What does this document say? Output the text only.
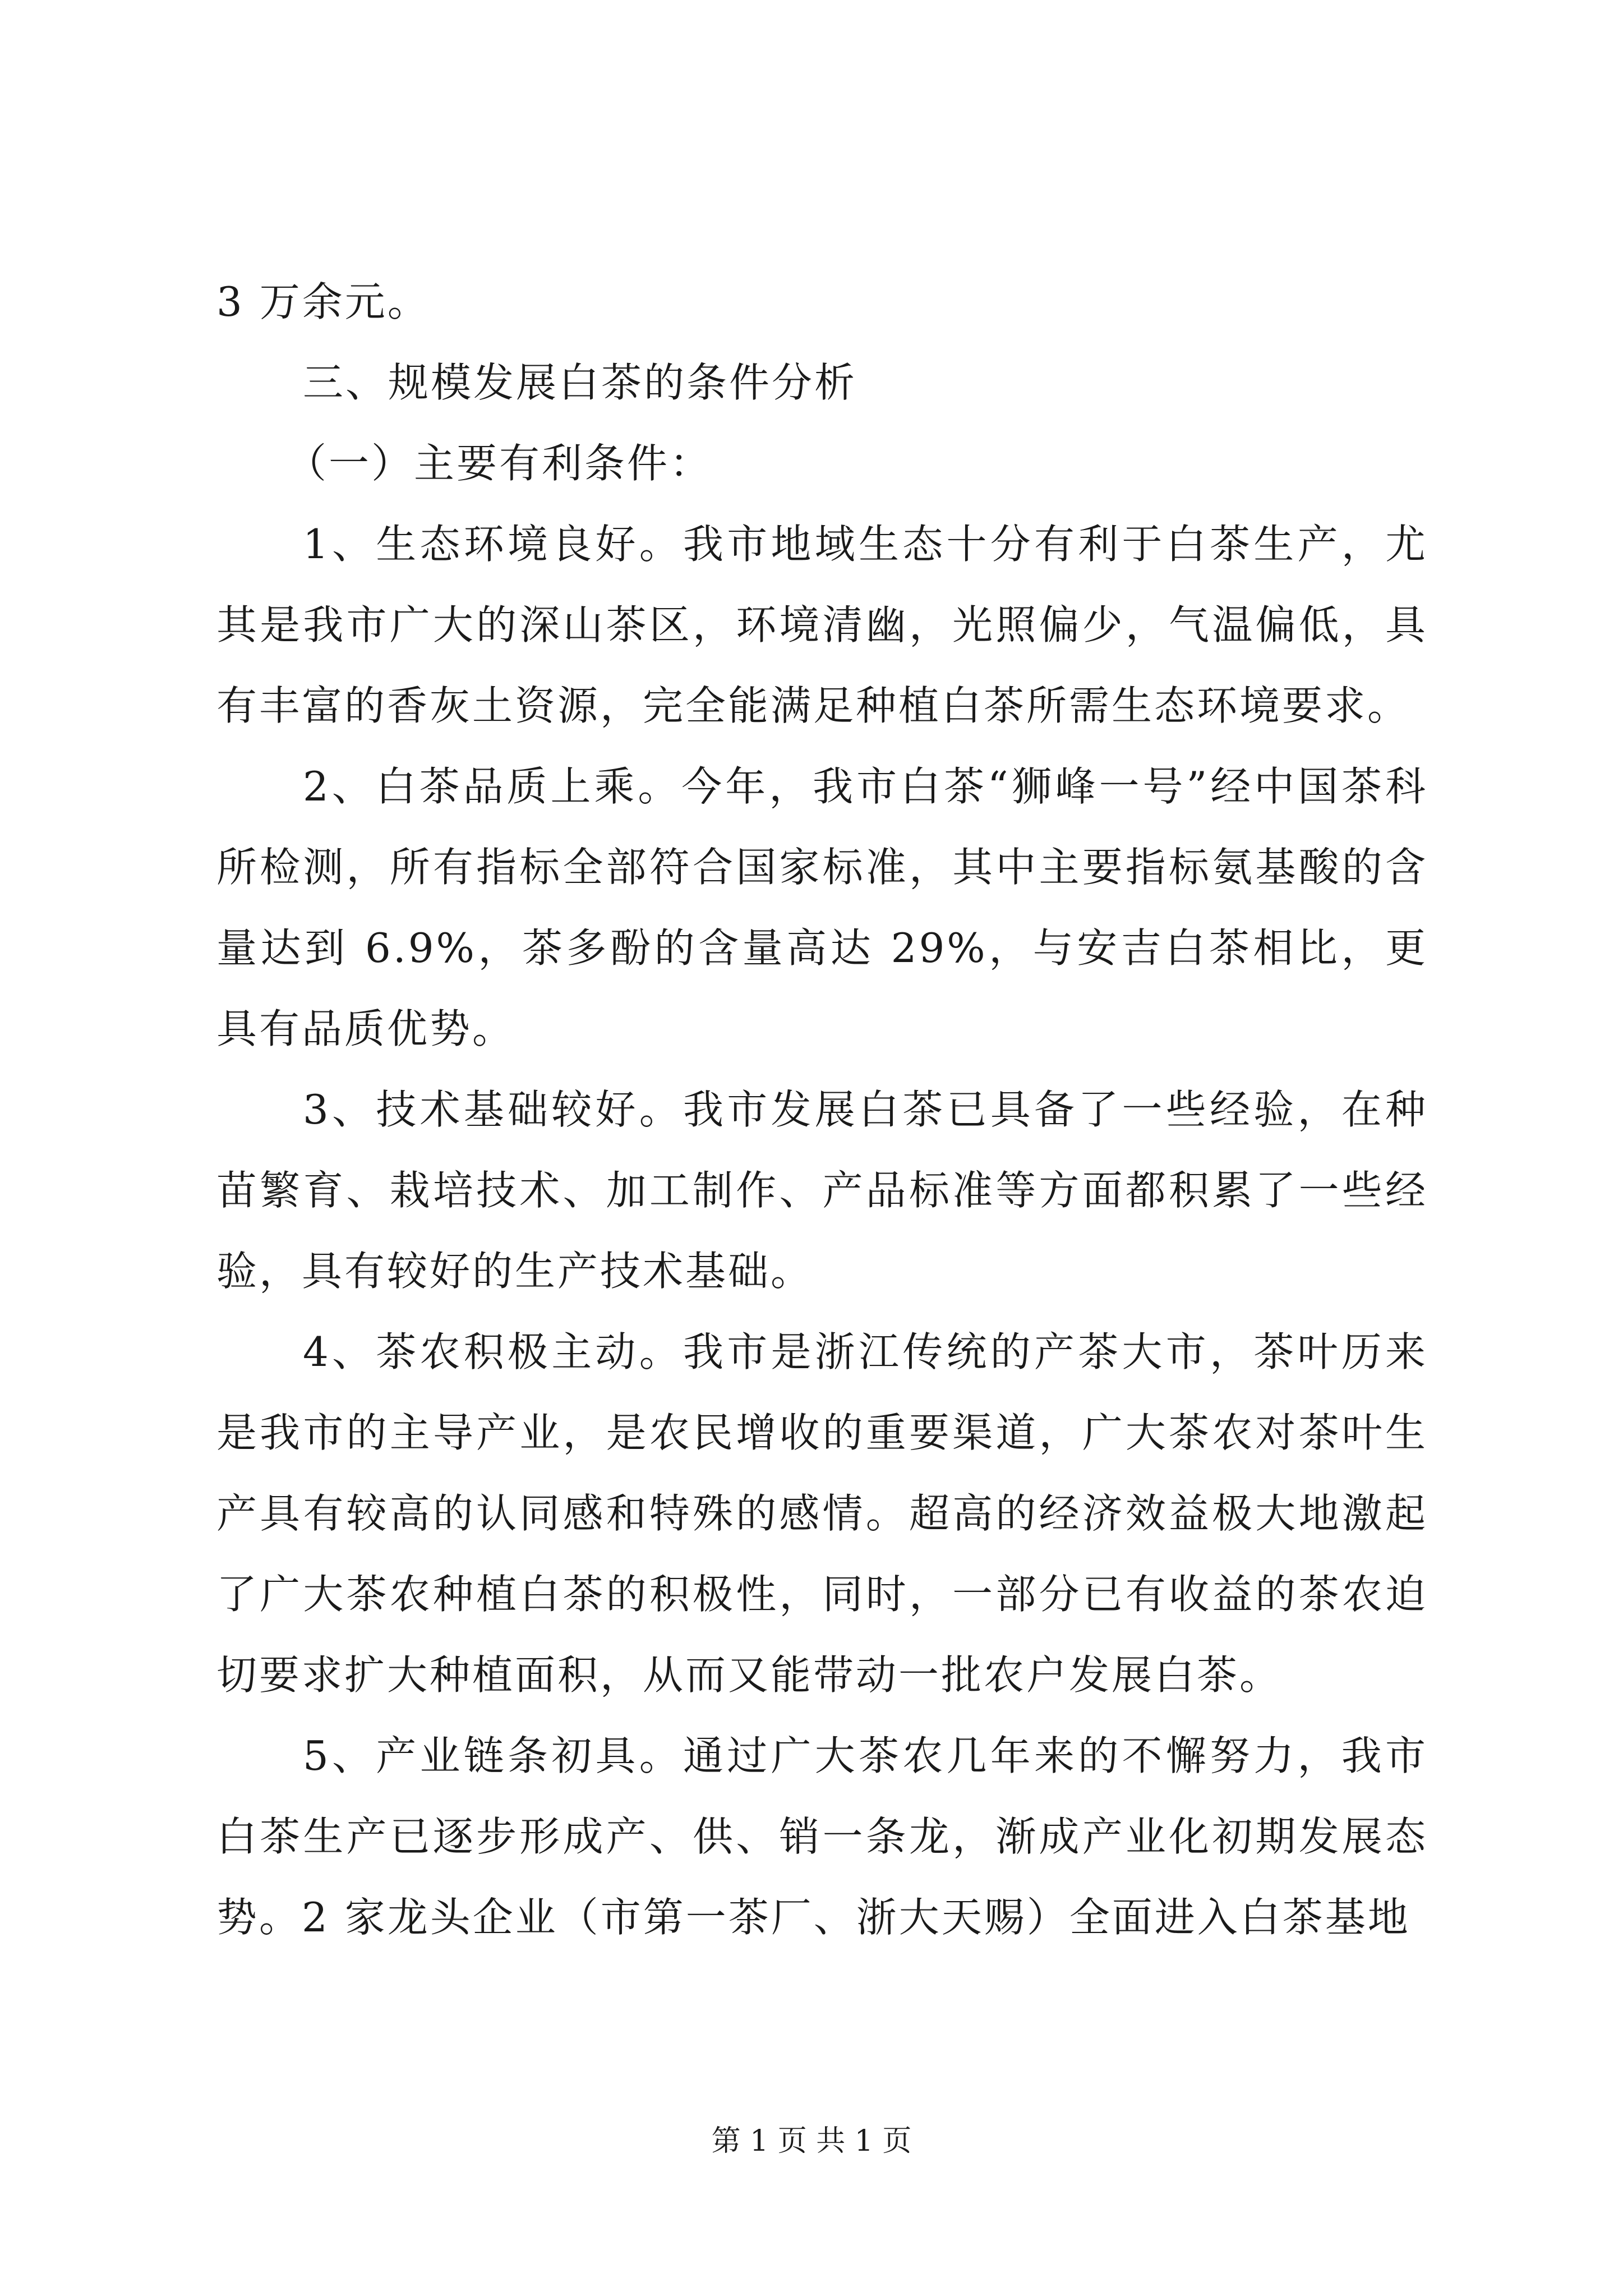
3 万余元。

三、规模发展白茶的条件分析

（一）主要有利条件：

1、生态环境良好。我市地域生态十分有利于白茶生产，尤其是我市广大的深山茶区，环境清幽，光照偏少，气温偏低，具有丰富的香灰土资源，完全能满足种植白茶所需生态环境要求。

2、白茶品质上乘。今年，我市白茶“狮峰一号”经中国茶科所检测，所有指标全部符合国家标准，其中主要指标氨基酸的含量达到 6.9%，茶多酚的含量高达 29%，与安吉白茶相比，更具有品质优势。

3、技术基础较好。我市发展白茶已具备了一些经验，在种苗繁育、栽培技术、加工制作、产品标准等方面都积累了一些经验，具有较好的生产技术基础。

4、茶农积极主动。我市是浙江传统的产茶大市，茶叶历来是我市的主导产业，是农民增收的重要渠道，广大茶农对茶叶生产具有较高的认同感和特殊的感情。超高的经济效益极大地激起了广大茶农种植白茶的积极性，同时，一部分已有收益的茶农迫切要求扩大种植面积，从而又能带动一批农户发展白茶。

5、产业链条初具。通过广大茶农几年来的不懈努力，我市白茶生产已逐步形成产、供、销一条龙，渐成产业化初期发展态势。2 家龙头企业（市第一茶厂、浙大天赐）全面进入白茶基地

第 1 页 共 1 页
